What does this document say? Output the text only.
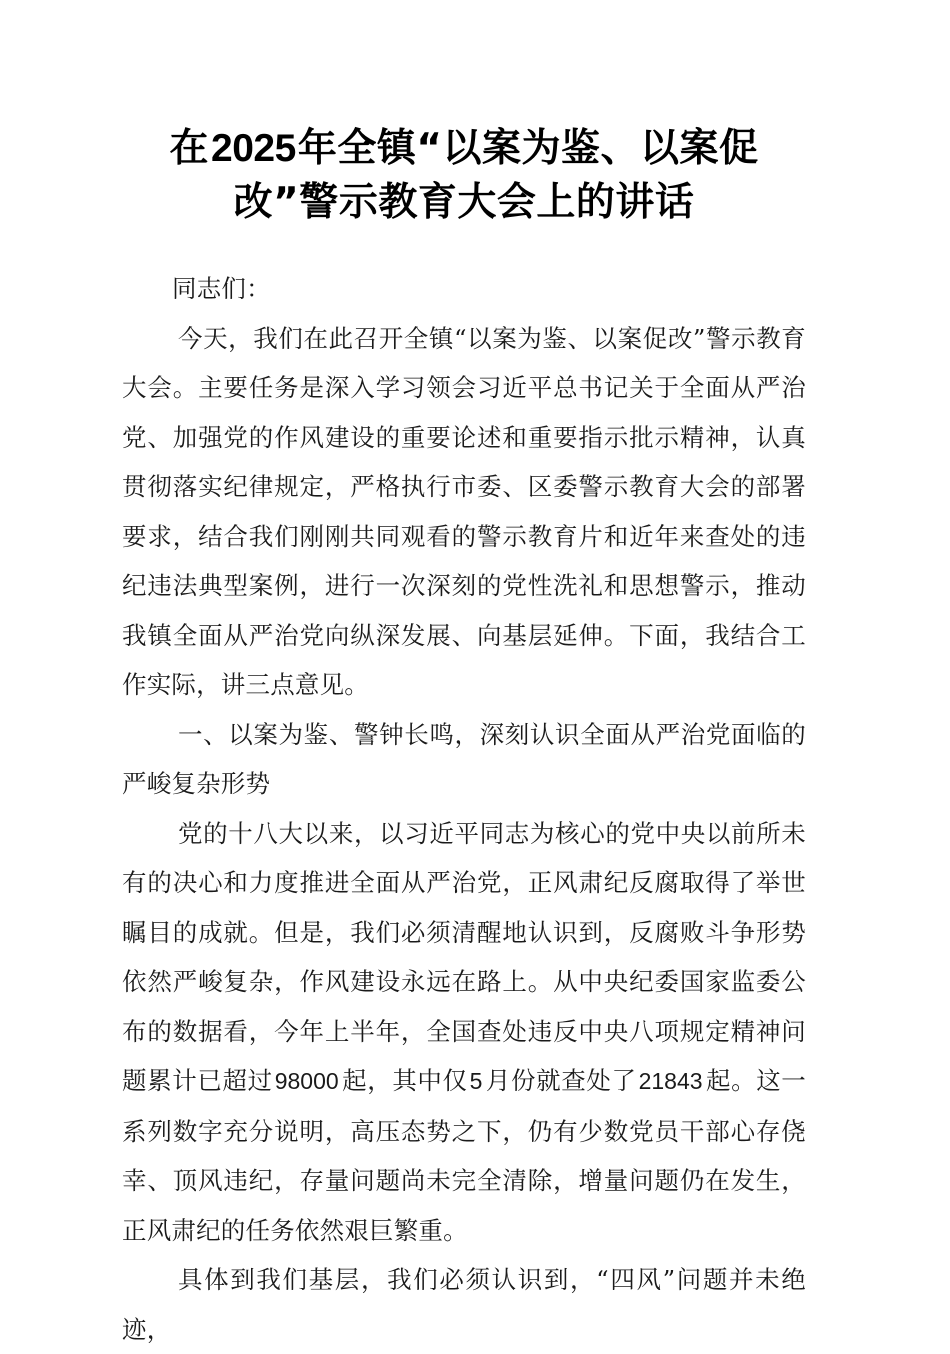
在2025年全镇“以案为鉴、以案促改”警示教育大会上的讲话

同志们：

今天，我们在此召开全镇“以案为鉴、以案促改”警示教育大会。主要任务是深入学习领会习近平总书记关于全面从严治党、加强党的作风建设的重要论述和重要指示批示精神，认真贯彻落实纪律规定，严格执行市委、区委警示教育大会的部署要求，结合我们刚刚共同观看的警示教育片和近年来查处的违纪违法典型案例，进行一次深刻的党性洗礼和思想警示，推动我镇全面从严治党向纵深发展、向基层延伸。下面，我结合工作实际，讲三点意见。

一、以案为鉴、警钟长鸣，深刻认识全面从严治党面临的严峻复杂形势

党的十八大以来，以习近平同志为核心的党中央以前所未有的决心和力度推进全面从严治党，正风肃纪反腐取得了举世瞩目的成就。但是，我们必须清醒地认识到，反腐败斗争形势依然严峻复杂，作风建设永远在路上。从中央纪委国家监委公布的数据看，今年上半年，全国查处违反中央八项规定精神问题累计已超过98000 起，其中仅5 月份就查处了21843 起。这一系列数字充分说明，高压态势之下，仍有少数党员干部心存侥幸、顶风违纪，存量问题尚未完全清除，增量问题仍在发生，正风肃纪的任务依然艰巨繁重。

具体到我们基层，我们必须认识到，“四风”问题并未绝迹，
